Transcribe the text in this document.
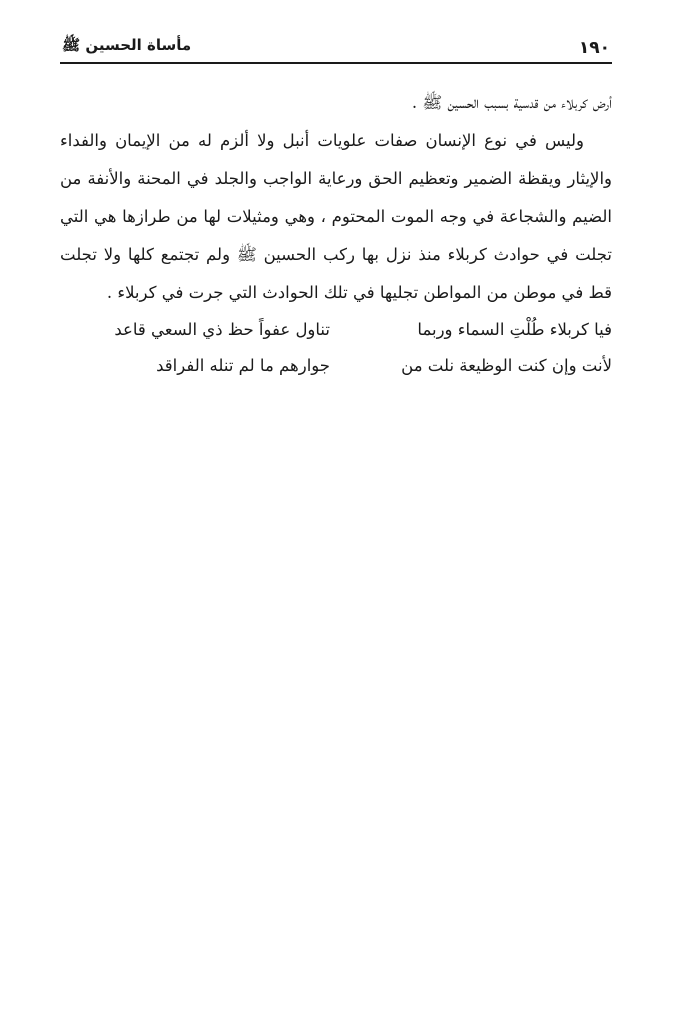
١٩٠
مأساة الحسين ﷺ

أرض كربلاء من قدسية بسبب الحسين ﷺ .

وليس في نوع الإنسان صفات علويات أنبل ولا ألزم له من الإيمان والفداء والإيثار ويقظة الضمير وتعظيم الحق ورعاية الواجب والجلد في المحنة والأنفة من الضيم والشجاعة في وجه الموت المحتوم ، وهي ومثيلات لها من طرازها هي التي تجلت في حوادث كربلاء منذ نزل بها ركب الحسين ﷺ ولم تجتمع كلها ولا تجلت قط في موطن من المواطن تجليها في تلك الحوادث التي جرت في كربلاء .

فيا كربلاء طُلْتِ السماء وربما
تناول عفواً حظ ذي السعي قاعد
لأنت وإن كنت الوظيعة نلت من
جوارهم ما لم تنله الفراقد
